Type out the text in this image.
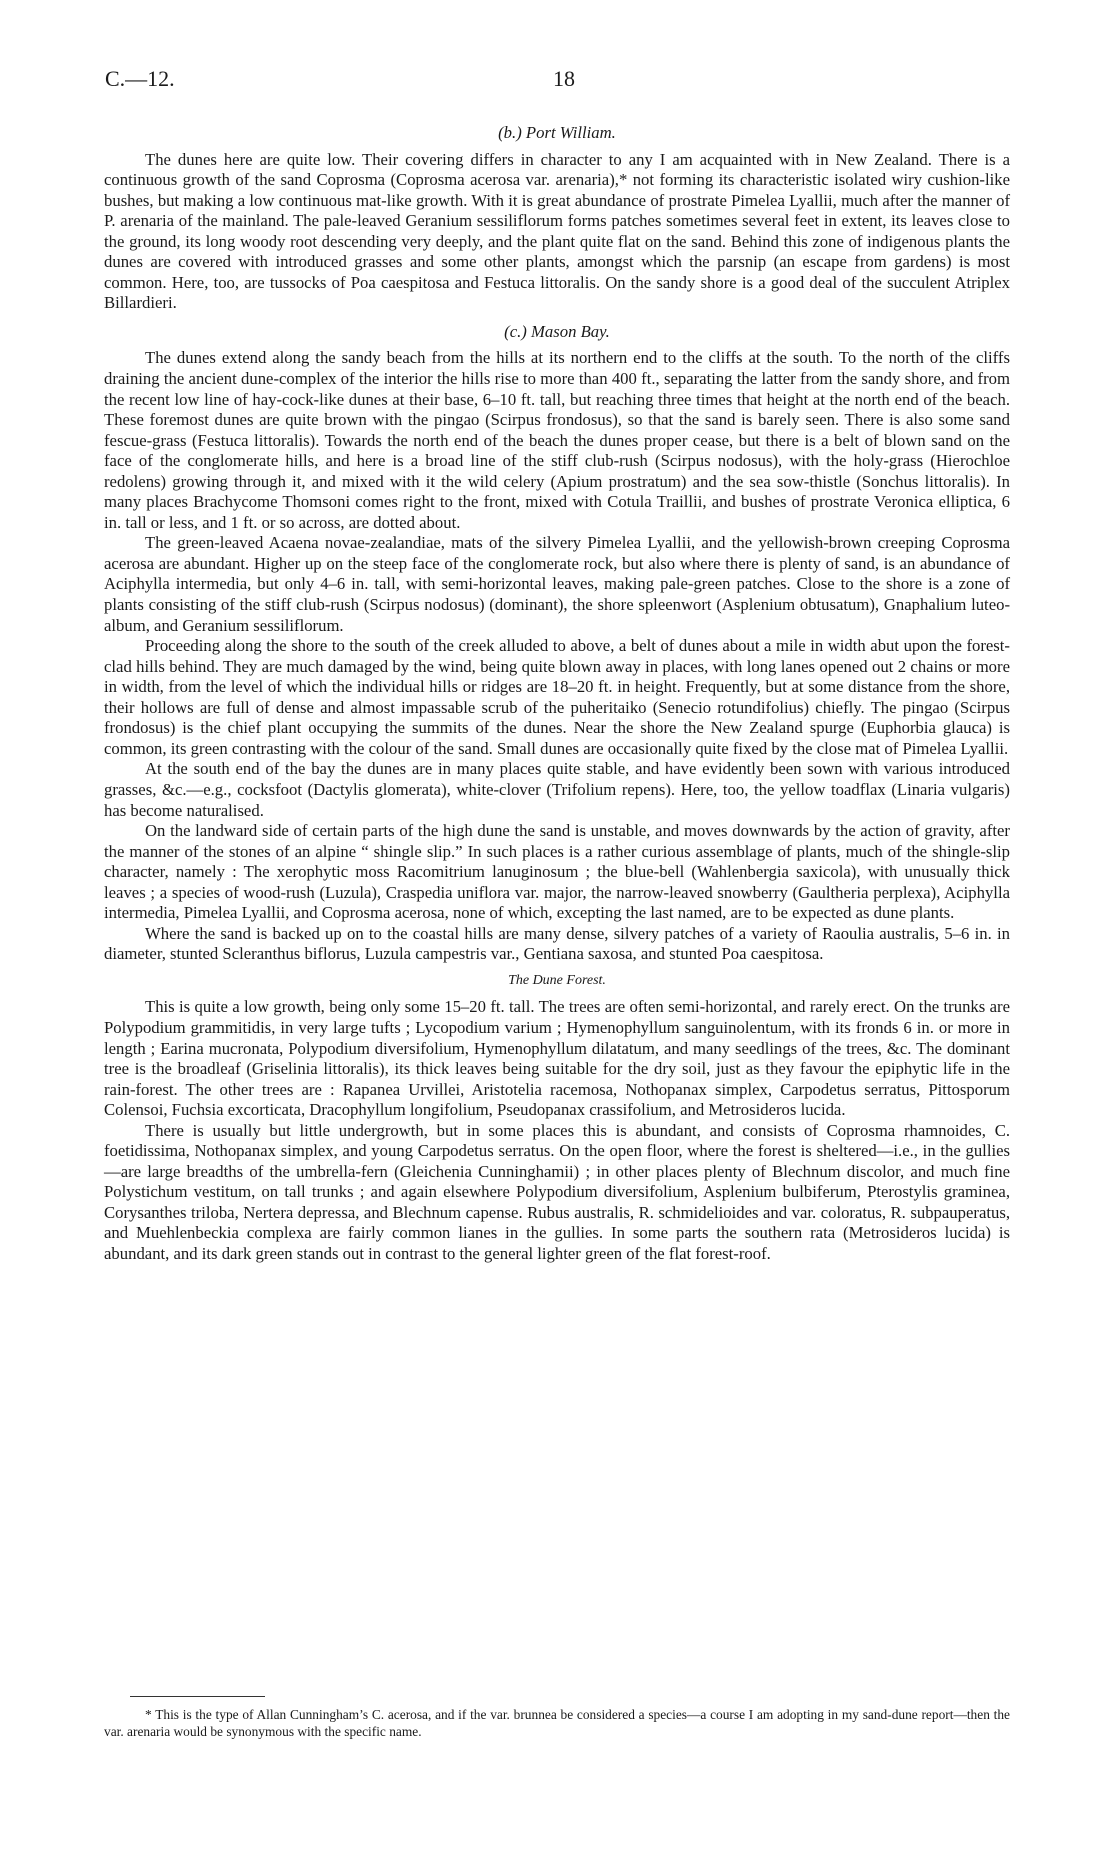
C.—12.	18
(b.) Port William.

The dunes here are quite low. Their covering differs in character to any I am acquainted with in New Zealand. There is a continuous growth of the sand Coprosma (Coprosma acerosa var. arenaria),* not forming its characteristic isolated wiry cushion-like bushes, but making a low continuous mat-like growth. With it is great abundance of prostrate Pimelea Lyallii, much after the manner of P. arenaria of the mainland. The pale-leaved Geranium sessiliflorum forms patches sometimes several feet in extent, its leaves close to the ground, its long woody root descending very deeply, and the plant quite flat on the sand. Behind this zone of indigenous plants the dunes are covered with introduced grasses and some other plants, amongst which the parsnip (an escape from gardens) is most common. Here, too, are tussocks of Poa caespitosa and Festuca littoralis. On the sandy shore is a good deal of the succulent Atriplex Billardieri.

(c.) Mason Bay.

The dunes extend along the sandy beach from the hills at its northern end to the cliffs at the south. To the north of the cliffs draining the ancient dune-complex of the interior the hills rise to more than 400 ft., separating the latter from the sandy shore, and from the recent low line of hay-cock-like dunes at their base, 6–10 ft. tall, but reaching three times that height at the north end of the beach. These foremost dunes are quite brown with the pingao (Scirpus frondosus), so that the sand is barely seen. There is also some sand fescue-grass (Festuca littoralis). Towards the north end of the beach the dunes proper cease, but there is a belt of blown sand on the face of the conglomerate hills, and here is a broad line of the stiff club-rush (Scirpus nodosus), with the holy-grass (Hierochloe redolens) growing through it, and mixed with it the wild celery (Apium prostratum) and the sea sow-thistle (Sonchus littoralis). In many places Brachycome Thomsoni comes right to the front, mixed with Cotula Traillii, and bushes of prostrate Veronica elliptica, 6 in. tall or less, and 1 ft. or so across, are dotted about.

The green-leaved Acaena novae-zealandiae, mats of the silvery Pimelea Lyallii, and the yellowish-brown creeping Coprosma acerosa are abundant. Higher up on the steep face of the conglomerate rock, but also where there is plenty of sand, is an abundance of Aciphylla intermedia, but only 4–6 in. tall, with semi-horizontal leaves, making pale-green patches. Close to the shore is a zone of plants consisting of the stiff club-rush (Scirpus nodosus) (dominant), the shore spleenwort (Asplenium obtusatum), Gnaphalium luteo-album, and Geranium sessiliflorum.

Proceeding along the shore to the south of the creek alluded to above, a belt of dunes about a mile in width abut upon the forest-clad hills behind. They are much damaged by the wind, being quite blown away in places, with long lanes opened out 2 chains or more in width, from the level of which the individual hills or ridges are 18–20 ft. in height. Frequently, but at some distance from the shore, their hollows are full of dense and almost impassable scrub of the puheritaiko (Senecio rotundifolius) chiefly. The pingao (Scirpus frondosus) is the chief plant occupying the summits of the dunes. Near the shore the New Zealand spurge (Euphorbia glauca) is common, its green contrasting with the colour of the sand. Small dunes are occasionally quite fixed by the close mat of Pimelea Lyallii.

At the south end of the bay the dunes are in many places quite stable, and have evidently been sown with various introduced grasses, &c.—e.g., cocksfoot (Dactylis glomerata), white-clover (Trifolium repens). Here, too, the yellow toadflax (Linaria vulgaris) has become naturalised.

On the landward side of certain parts of the high dune the sand is unstable, and moves downwards by the action of gravity, after the manner of the stones of an alpine “ shingle slip.” In such places is a rather curious assemblage of plants, much of the shingle-slip character, namely : The xerophytic moss Racomitrium lanuginosum ; the blue-bell (Wahlenbergia saxicola), with unusually thick leaves ; a species of wood-rush (Luzula), Craspedia uniflora var. major, the narrow-leaved snowberry (Gaultheria perplexa), Aciphylla intermedia, Pimelea Lyallii, and Coprosma acerosa, none of which, excepting the last named, are to be expected as dune plants.

Where the sand is backed up on to the coastal hills are many dense, silvery patches of a variety of Raoulia australis, 5–6 in. in diameter, stunted Scleranthus biflorus, Luzula campestris var., Gentiana saxosa, and stunted Poa caespitosa.

The Dune Forest.

This is quite a low growth, being only some 15–20 ft. tall. The trees are often semi-horizontal, and rarely erect. On the trunks are Polypodium grammitidis, in very large tufts ; Lycopodium varium ; Hymenophyllum sanguinolentum, with its fronds 6 in. or more in length ; Earina mucronata, Polypodium diversifolium, Hymenophyllum dilatatum, and many seedlings of the trees, &c. The dominant tree is the broadleaf (Griselinia littoralis), its thick leaves being suitable for the dry soil, just as they favour the epiphytic life in the rain-forest. The other trees are : Rapanea Urvillei, Aristotelia racemosa, Nothopanax simplex, Carpodetus serratus, Pittosporum Colensoi, Fuchsia excorticata, Dracophyllum longifolium, Pseudopanax crassifolium, and Metrosideros lucida.

There is usually but little undergrowth, but in some places this is abundant, and consists of Coprosma rhamnoides, C. foetidissima, Nothopanax simplex, and young Carpodetus serratus. On the open floor, where the forest is sheltered—i.e., in the gullies—are large breadths of the umbrella-fern (Gleichenia Cunninghamii) ; in other places plenty of Blechnum discolor, and much fine Polystichum vestitum, on tall trunks ; and again elsewhere Polypodium diversifolium, Asplenium bulbiferum, Pterostylis graminea, Corysanthes triloba, Nertera depressa, and Blechnum capense. Rubus australis, R. schmidelioides and var. coloratus, R. subpauperatus, and Muehlenbeckia complexa are fairly common lianes in the gullies. In some parts the southern rata (Metrosideros lucida) is abundant, and its dark green stands out in contrast to the general lighter green of the flat forest-roof.

* This is the type of Allan Cunningham’s C. acerosa, and if the var. brunnea be considered a species—a course I am adopting in my sand-dune report—then the var. arenaria would be synonymous with the specific name.
